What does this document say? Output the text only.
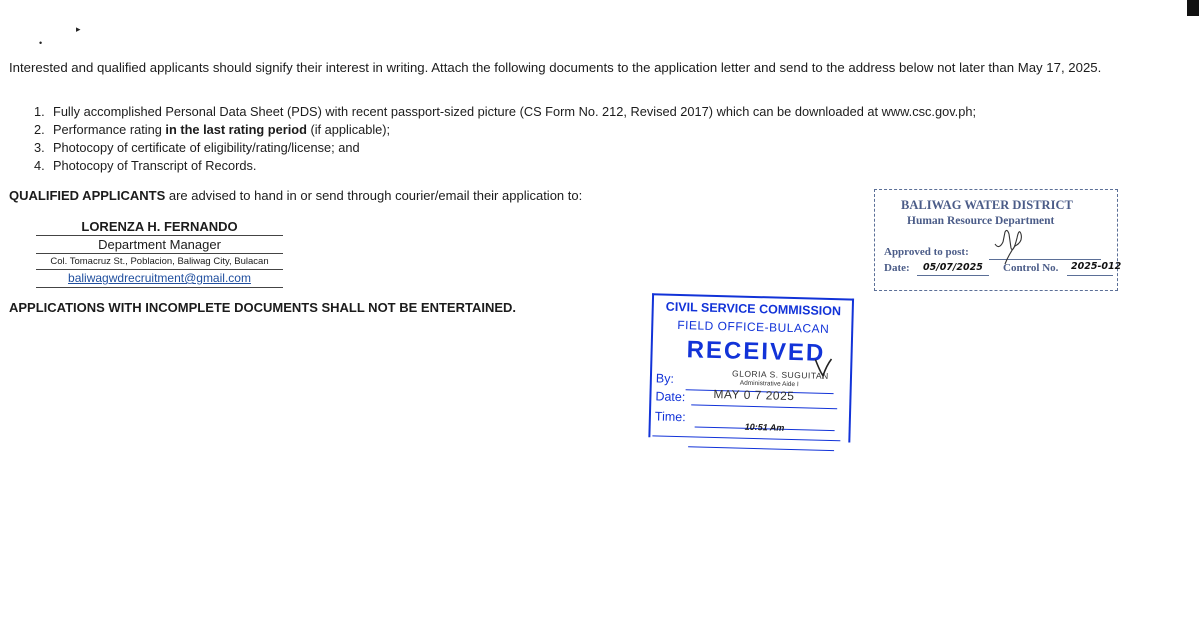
▸
•
Interested and qualified applicants should signify their interest in writing. Attach the following documents to the application letter and send to the address below not later than May 17, 2025.
1. Fully accomplished Personal Data Sheet (PDS) with recent passport-sized picture (CS Form No. 212, Revised 2017) which can be downloaded at www.csc.gov.ph;
2. Performance rating in the last rating period (if applicable);
3. Photocopy of certificate of eligibility/rating/license; and
4. Photocopy of Transcript of Records.
QUALIFIED APPLICANTS are advised to hand in or send through courier/email their application to:
LORENZA H. FERNANDO
Department Manager
Col. Tomacruz St., Poblacion, Baliwag City, Bulacan
baliwagwdrecruitment@gmail.com
APPLICATIONS WITH INCOMPLETE DOCUMENTS SHALL NOT BE ENTERTAINED.	CIVIL SERVICE COMMISSION
FIELD OFFICE-BULACAN
RECEIVED
By:	GLORIA S. SUGUITAN
Administrative Aide I
Date: MAY 0 7 2025
Time:
10:51 Am
BALIWAG WATER DISTRICT
Human Resource Department
Approved to post:
Date: 05/07/2025 Control No. 2025-012
